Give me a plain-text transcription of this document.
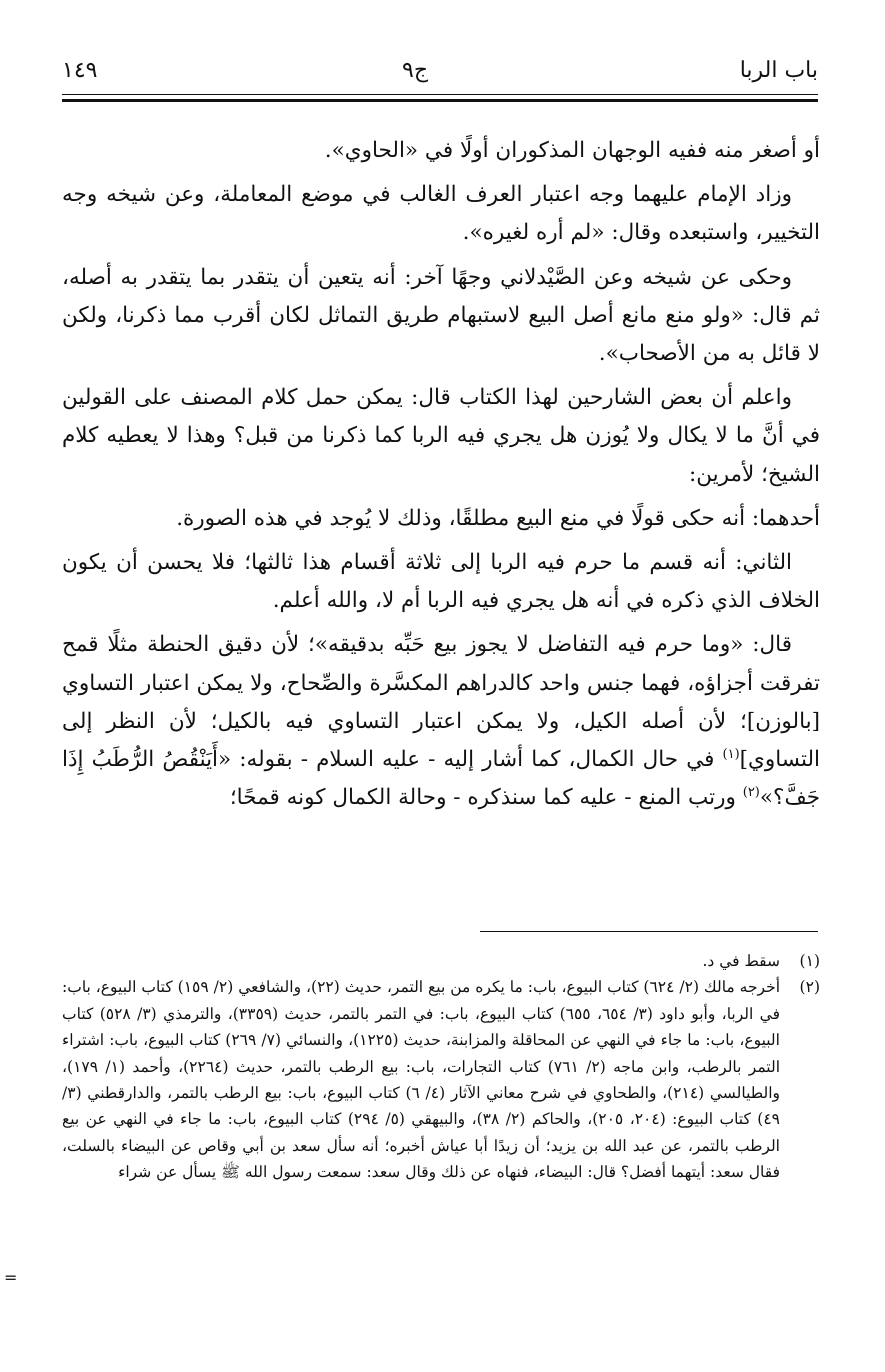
باب الربا
ج٩
١٤٩

أو أصغر منه ففيه الوجهان المذكوران أولًا في «الحاوي».

وزاد الإمام عليهما وجه اعتبار العرف الغالب في موضع المعاملة، وعن شيخه وجه التخيير، واستبعده وقال: «لم أره لغيره».

وحكى عن شيخه وعن الصَّيْدلاني وجهًا آخر: أنه يتعين أن يتقدر بما يتقدر به أصله، ثم قال: «ولو منع مانع أصل البيع لاستبهام طريق التماثل لكان أقرب مما ذكرنا، ولكن لا قائل به من الأصحاب».

واعلم أن بعض الشارحين لهذا الكتاب قال: يمكن حمل كلام المصنف على القولين في أنَّ ما لا يكال ولا يُوزن هل يجري فيه الربا كما ذكرنا من قبل؟ وهذا لا يعطيه كلام الشيخ؛ لأمرين:

أحدهما: أنه حكى قولًا في منع البيع مطلقًا، وذلك لا يُوجد في هذه الصورة.

الثاني: أنه قسم ما حرم فيه الربا إلى ثلاثة أقسام هذا ثالثها؛ فلا يحسن أن يكون الخلاف الذي ذكره في أنه هل يجري فيه الربا أم لا، والله أعلم.

قال: «وما حرم فيه التفاضل لا يجوز بيع حَبِّه بدقيقه»؛ لأن دقيق الحنطة مثلًا قمح تفرقت أجزاؤه، فهما جنس واحد كالدراهم المكسَّرة والصِّحاح، ولا يمكن اعتبار التساوي [بالوزن]؛ لأن أصله الكيل، ولا يمكن اعتبار التساوي فيه بالكيل؛ لأن النظر إلى التساوي]$^{(١)}$ في حال الكمال، كما أشار إليه - عليه السلام - بقوله: «أَيَنْقُصُ الرُّطَبُ إِذَا جَفَّ؟»$^{(٢)}$ ورتب المنع - عليه كما سنذكره - وحالة الكمال كونه قمحًا؛

(١)
سقط في د.
(٢)
أخرجه مالك (٢/ ٦٢٤) كتاب البيوع، باب: ما يكره من بيع التمر، حديث (٢٢)، والشافعي (٢/ ١٥٩) كتاب البيوع، باب: في الربا، وأبو داود (٣/ ٦٥٤، ٦٥٥) كتاب البيوع، باب: في التمر بالتمر، حديث (٣٣٥٩)، والترمذي (٣/ ٥٢٨) كتاب البيوع، باب: ما جاء في النهي عن المحاقلة والمزابنة، حديث (١٢٢٥)، والنسائي (٧/ ٢٦٩) كتاب البيوع، باب: اشتراء التمر بالرطب، وابن ماجه (٢/ ٧٦١) كتاب التجارات، باب: بيع الرطب بالتمر، حديث (٢٢٦٤)، وأحمد (١/ ١٧٩)، والطيالسي (٢١٤)، والطحاوي في شرح معاني الآثار (٤/ ٦) كتاب البيوع، باب: بيع الرطب بالتمر، والدارقطني (٣/ ٤٩) كتاب البيوع: (٢٠٤، ٢٠٥)، والحاكم (٢/ ٣٨)، والبيهقي (٥/ ٢٩٤) كتاب البيوع، باب: ما جاء في النهي عن بيع الرطب بالتمر، عن عبد الله بن يزيد؛ أن زيدًا أبا عياش أخبره؛ أنه سأل سعد بن أبي وقاص عن البيضاء بالسلت، فقال سعد: أيتهما أفضل؟ قال: البيضاء، فنهاه عن ذلك وقال سعد: سمعت رسول الله ﷺ يسأل عن شراء
=
